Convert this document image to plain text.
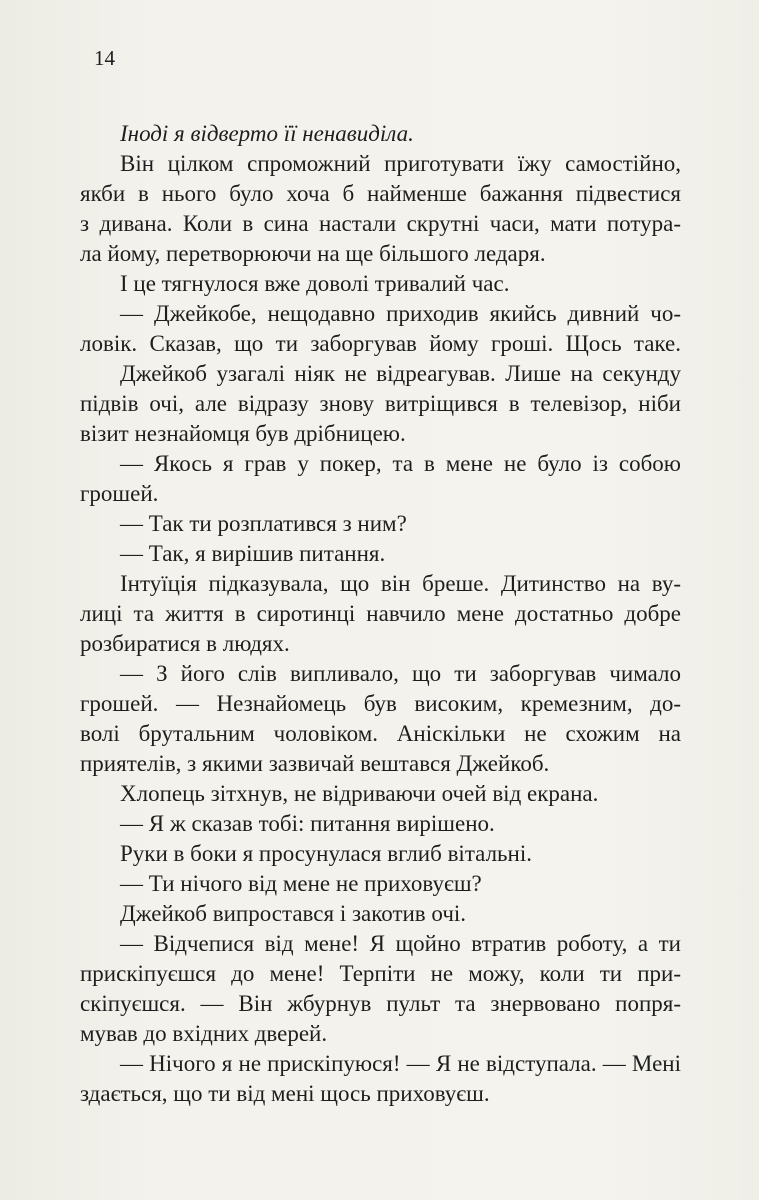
14
Іноді я відверто її ненавиділа.
Він цілком спроможний приготувати їжу самостійно,
якби в нього було хоча б найменше бажання підвестися
з дивана. Коли в сина настали скрутні часи, мати потура-
ла йому, перетворюючи на ще більшого ледаря.
І це тягнулося вже доволі тривалий час.
— Джейкобе, нещодавно приходив якийсь дивний чо-
ловік. Сказав, що ти заборгував йому гроші. Щось таке.
Джейкоб узагалі ніяк не відреагував. Лише на секунду
підвів очі, але відразу знову витріщився в телевізор, ніби
візит незнайомця був дрібницею.
— Якось я грав у покер, та в мене не було із собою
грошей.
— Так ти розплатився з ним?
— Так, я вирішив питання.
Інтуїція підказувала, що він бреше. Дитинство на ву-
лиці та життя в сиротинці навчило мене достатньо добре
розбиратися в людях.
— З його слів випливало, що ти заборгував чимало
грошей. — Незнайомець був високим, кремезним, до-
волі брутальним чоловіком. Аніскільки не схожим на
приятелів, з якими зазвичай вештався Джейкоб.
Хлопець зітхнув, не відриваючи очей від екрана.
— Я ж сказав тобі: питання вирішено.
Руки в боки я просунулася вглиб вітальні.
— Ти нічого від мене не приховуєш?
Джейкоб випростався і закотив очі.
— Відчепися від мене! Я щойно втратив роботу, а ти
прискіпуєшся до мене! Терпіти не можу, коли ти при-
скіпуєшся. — Він жбурнув пульт та знервовано попря-
мував до вхідних дверей.
— Нічого я не прискіпуюся! — Я не відступала. — Мені
здається, що ти від мені щось приховуєш.
